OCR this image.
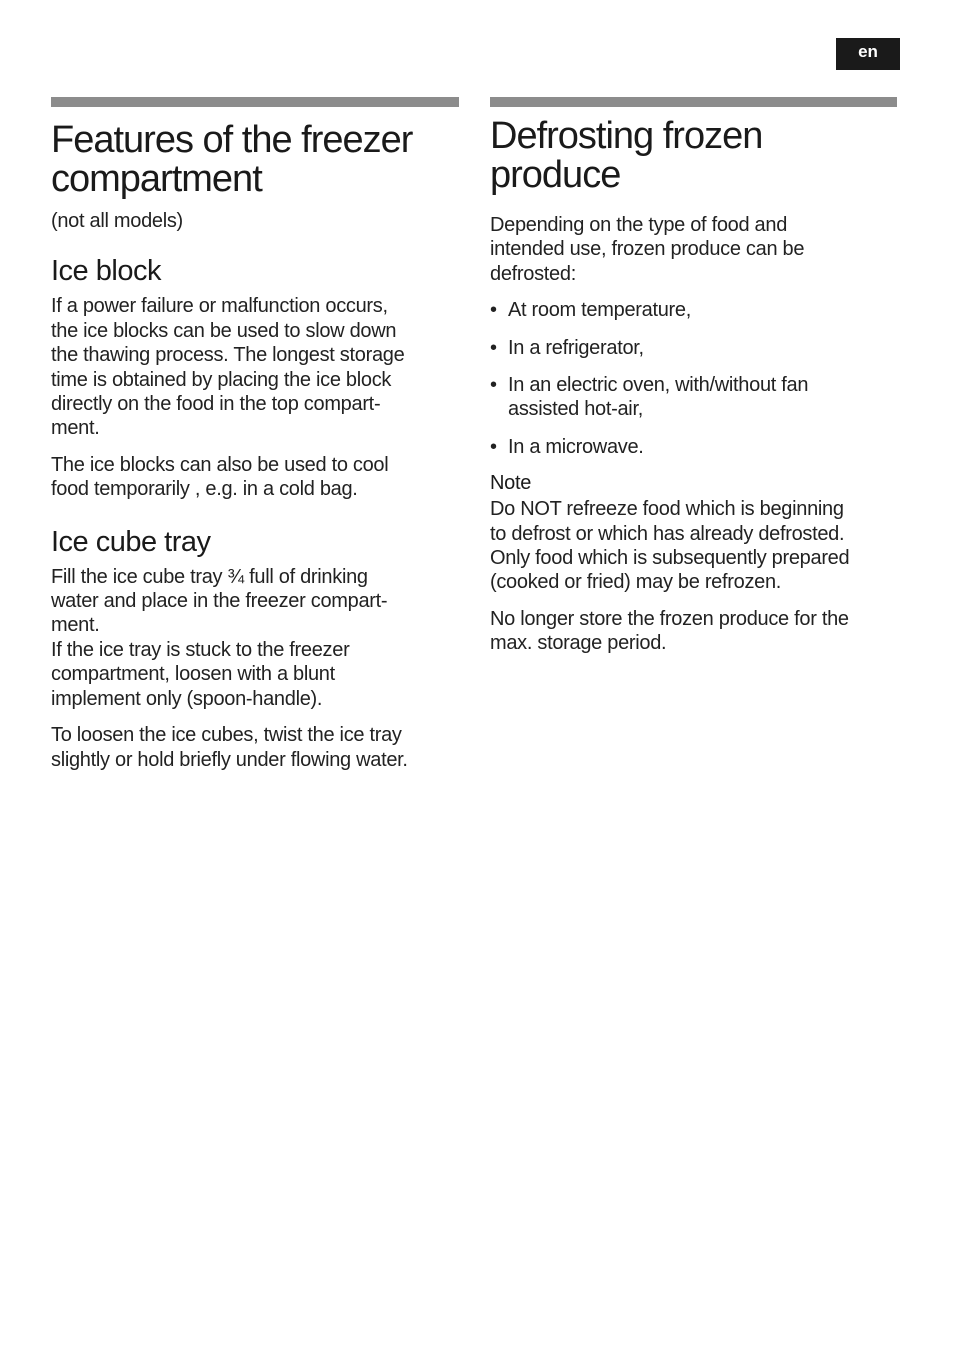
en
Features of the freezer compartment

(not all models)

Ice block

If a power failure or malfunction occurs,
the ice blocks can be used to slow down
the thawing process. The longest storage
time is obtained by placing the ice block
directly on the food in the top compart-
ment.

The ice blocks can also be used to cool
food temporarily , e.g. in a cold bag.

Ice cube tray

Fill the ice cube tray ¾ full of drinking
water and place in the freezer compart-
ment.
If the ice tray is stuck to the freezer
compartment, loosen with a blunt
implement only (spoon-handle).

To loosen the ice cubes, twist the ice tray
slightly or hold briefly under flowing water.

Defrosting frozen produce

Depending on the type of food and
intended use, frozen produce can be
defrosted:

• At room temperature,
• In a refrigerator,
• In an electric oven, with/without fan
assisted hot-air,
• In a microwave.

Note

Do NOT refreeze food which is beginning
to defrost or which has already defrosted.
Only food which is subsequently prepared
(cooked or fried) may be refrozen.

No longer store the frozen produce for the
max. storage period.
